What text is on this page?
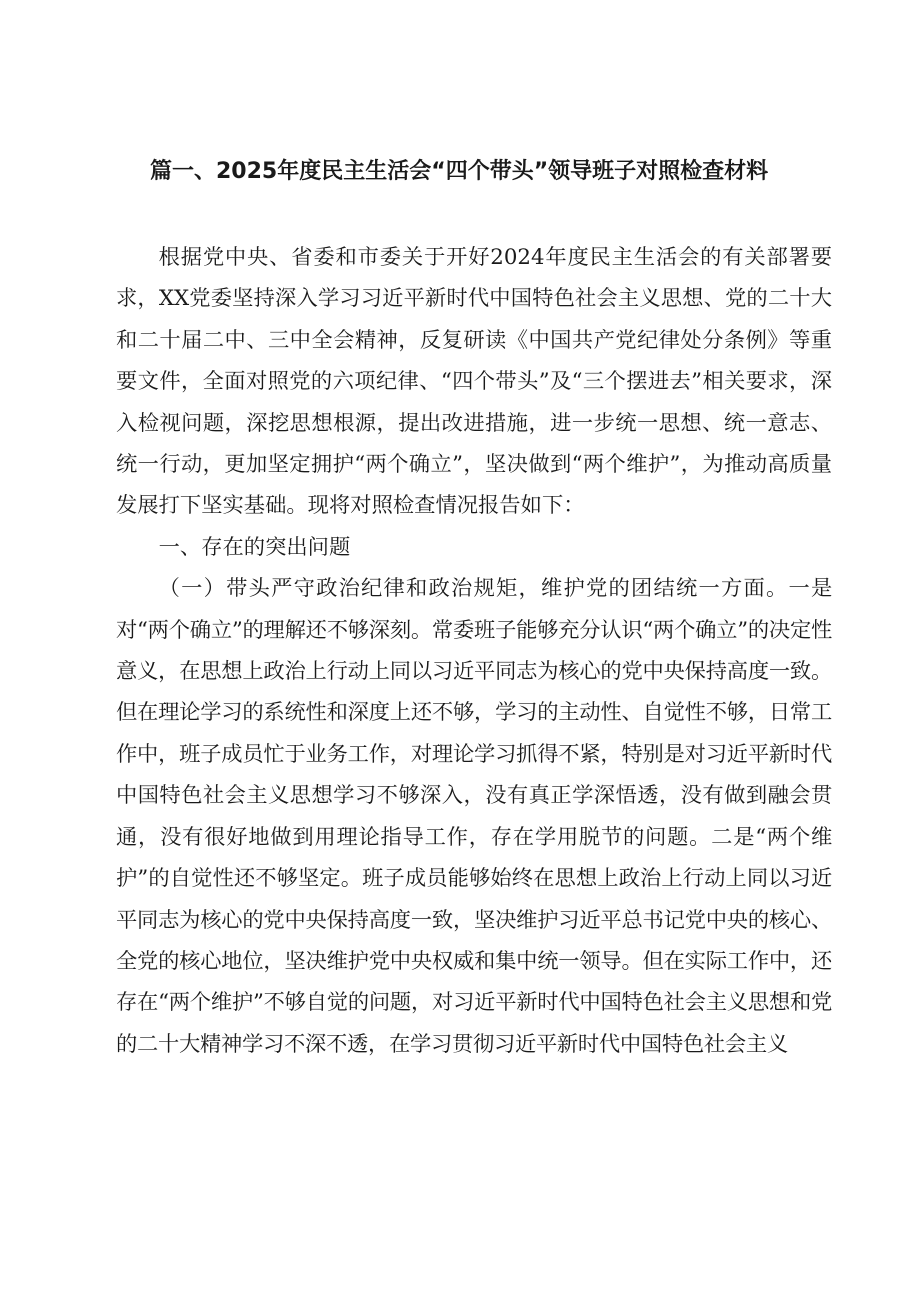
篇一、2025年度民主生活会“四个带头”领导班子对照检查材料

根据党中央、省委和市委关于开好2024年度民主生活会的有关部署要求，XX党委坚持深入学习习近平新时代中国特色社会主义思想、党的二十大和二十届二中、三中全会精神，反复研读《中国共产党纪律处分条例》等重要文件，全面对照党的六项纪律、“四个带头”及“三个摆进去”相关要求，深入检视问题，深挖思想根源，提出改进措施，进一步统一思想、统一意志、统一行动，更加坚定拥护“两个确立”，坚决做到“两个维护”，为推动高质量发展打下坚实基础。现将对照检查情况报告如下：

一、存在的突出问题

（一）带头严守政治纪律和政治规矩，维护党的团结统一方面。一是对“两个确立”的理解还不够深刻。常委班子能够充分认识“两个确立”的决定性意义，在思想上政治上行动上同以习近平同志为核心的党中央保持高度一致。但在理论学习的系统性和深度上还不够，学习的主动性、自觉性不够，日常工作中，班子成员忙于业务工作，对理论学习抓得不紧，特别是对习近平新时代中国特色社会主义思想学习不够深入，没有真正学深悟透，没有做到融会贯通，没有很好地做到用理论指导工作，存在学用脱节的问题。二是“两个维护”的自觉性还不够坚定。班子成员能够始终在思想上政治上行动上同以习近平同志为核心的党中央保持高度一致，坚决维护习近平总书记党中央的核心、全党的核心地位，坚决维护党中央权威和集中统一领导。但在实际工作中，还存在“两个维护”不够自觉的问题，对习近平新时代中国特色社会主义思想和党的二十大精神学习不深不透，在学习贯彻习近平新时代中国特色社会主义
